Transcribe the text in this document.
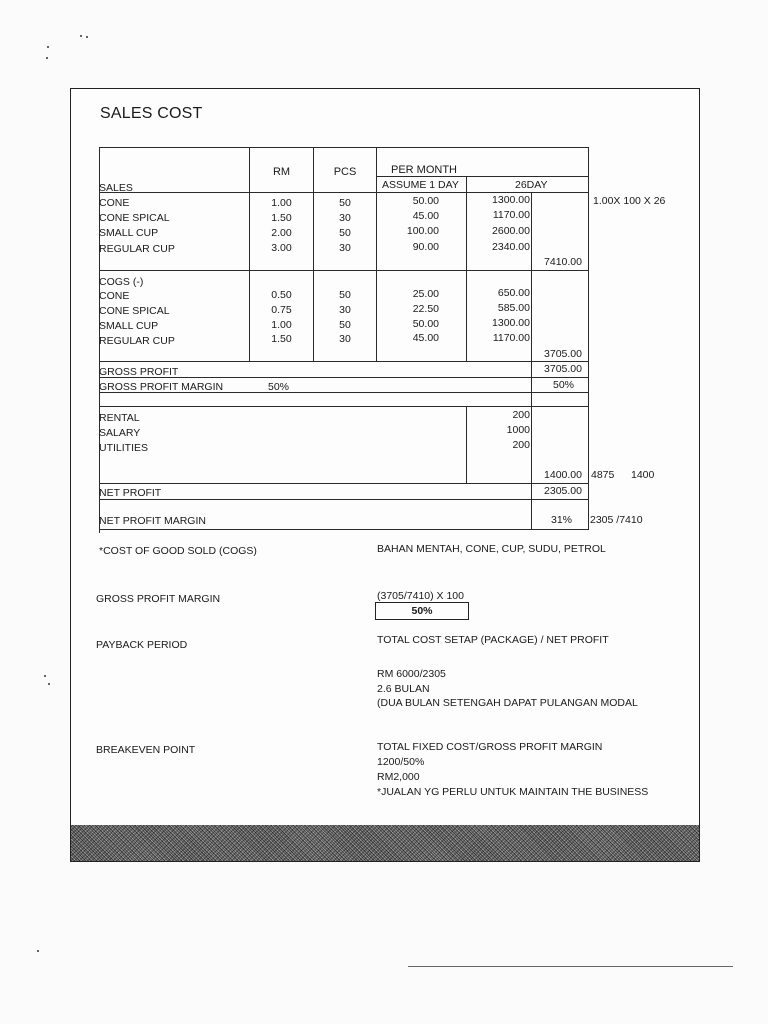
SALES COST
RM	PCS	PER MONTH
ASSUME 1 DAY	26DAY
SALES
CONE	1.00	50	50.00	1300.00
CONE SPICAL	1.50	30	45.00	1170.00
SMALL CUP	2.00	50	100.00	2600.00
REGULAR CUP	3.00	30	90.00	2340.00
7410.00
1.00X 100 X 26
COGS (-)
CONE	0.50	50	25.00	650.00
CONE SPICAL	0.75	30	22.50	585.00
SMALL CUP	1.00	50	50.00	1300.00
REGULAR CUP	1.50	30	45.00	1170.00
3705.00
GROSS PROFIT	3705.00
GROSS PROFIT MARGIN	50%	50%
RENTAL	200
SALARY	1000
UTILITIES	200
1400.00 4875 1400
NET PROFIT	2305.00
NET PROFIT MARGIN	31% 2305 /7410
*COST OF GOOD SOLD (COGS)	BAHAN MENTAH, CONE, CUP, SUDU, PETROL
GROSS PROFIT MARGIN	(3705/7410) X 100
50%
PAYBACK PERIOD	TOTAL COST SETAP (PACKAGE) / NET PROFIT
RM 6000/2305
2.6 BULAN
(DUA BULAN SETENGAH DAPAT PULANGAN MODAL
BREAKEVEN POINT	TOTAL FIXED COST/GROSS PROFIT MARGIN
1200/50%
RM2,000
*JUALAN YG PERLU UNTUK MAINTAIN THE BUSINESS
